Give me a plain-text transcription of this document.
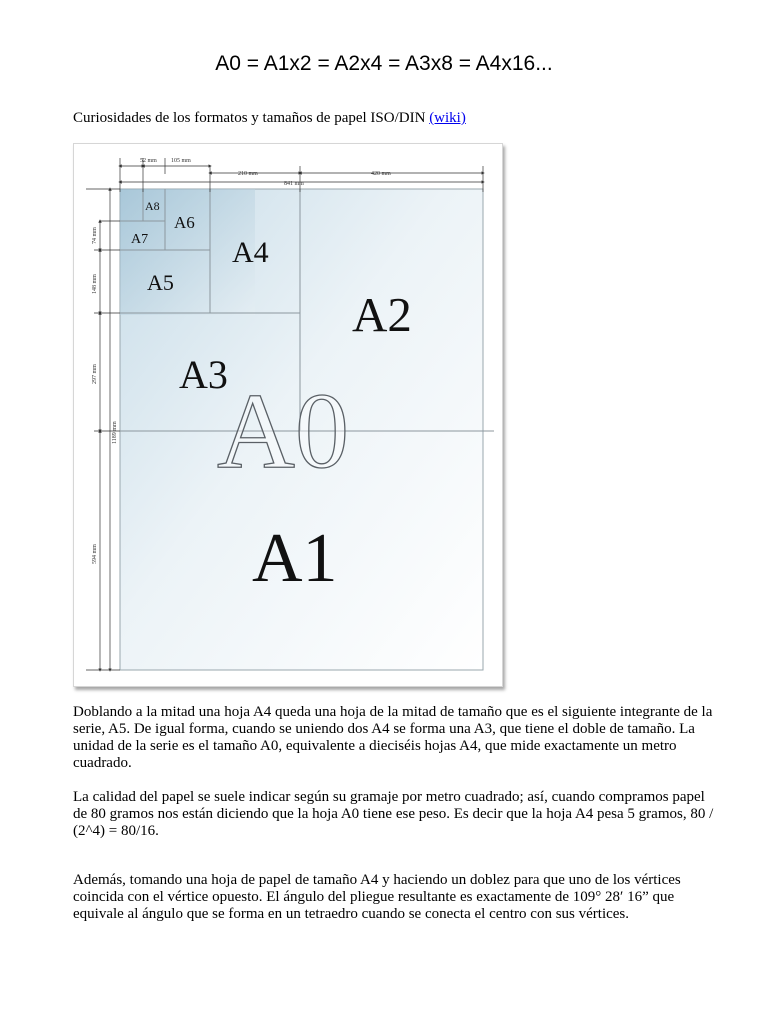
A0 = A1x2 = A2x4 = A3x8 = A4x16...
Curiosidades de los formatos y tamaños de papel ISO/DIN (wiki)
52 mm 105 mm
210 mm	420 mm
841 mm
74 mm
148 mm
297 mm
1189 mm
594 mm
A8
A6
A7	A4
A5
A2
A3
A0
A1

Doblando a la mitad una hoja A4 queda una hoja de la mitad de tamaño que es el siguiente integrante de la serie, A5. De igual forma, cuando se uniendo dos A4 se forma una A3, que tiene el doble de tamaño. La unidad de la serie es el tamaño A0, equivalente a dieciséis hojas A4, que mide exactamente un metro cuadrado.

La calidad del papel se suele indicar según su gramaje por metro cuadrado; así, cuando compramos papel de 80 gramos nos están diciendo que la hoja A0 tiene ese peso. Es decir que la hoja A4 pesa 5 gramos, 80 / (2^4) = 80/16.

Además, tomando una hoja de papel de tamaño A4 y haciendo un doblez para que uno de los vértices coincida con el vértice opuesto. El ángulo del pliegue resultante es exactamente de 109° 28′ 16” que equivale al ángulo que se forma en un tetraedro cuando se conecta el centro con sus vértices.
